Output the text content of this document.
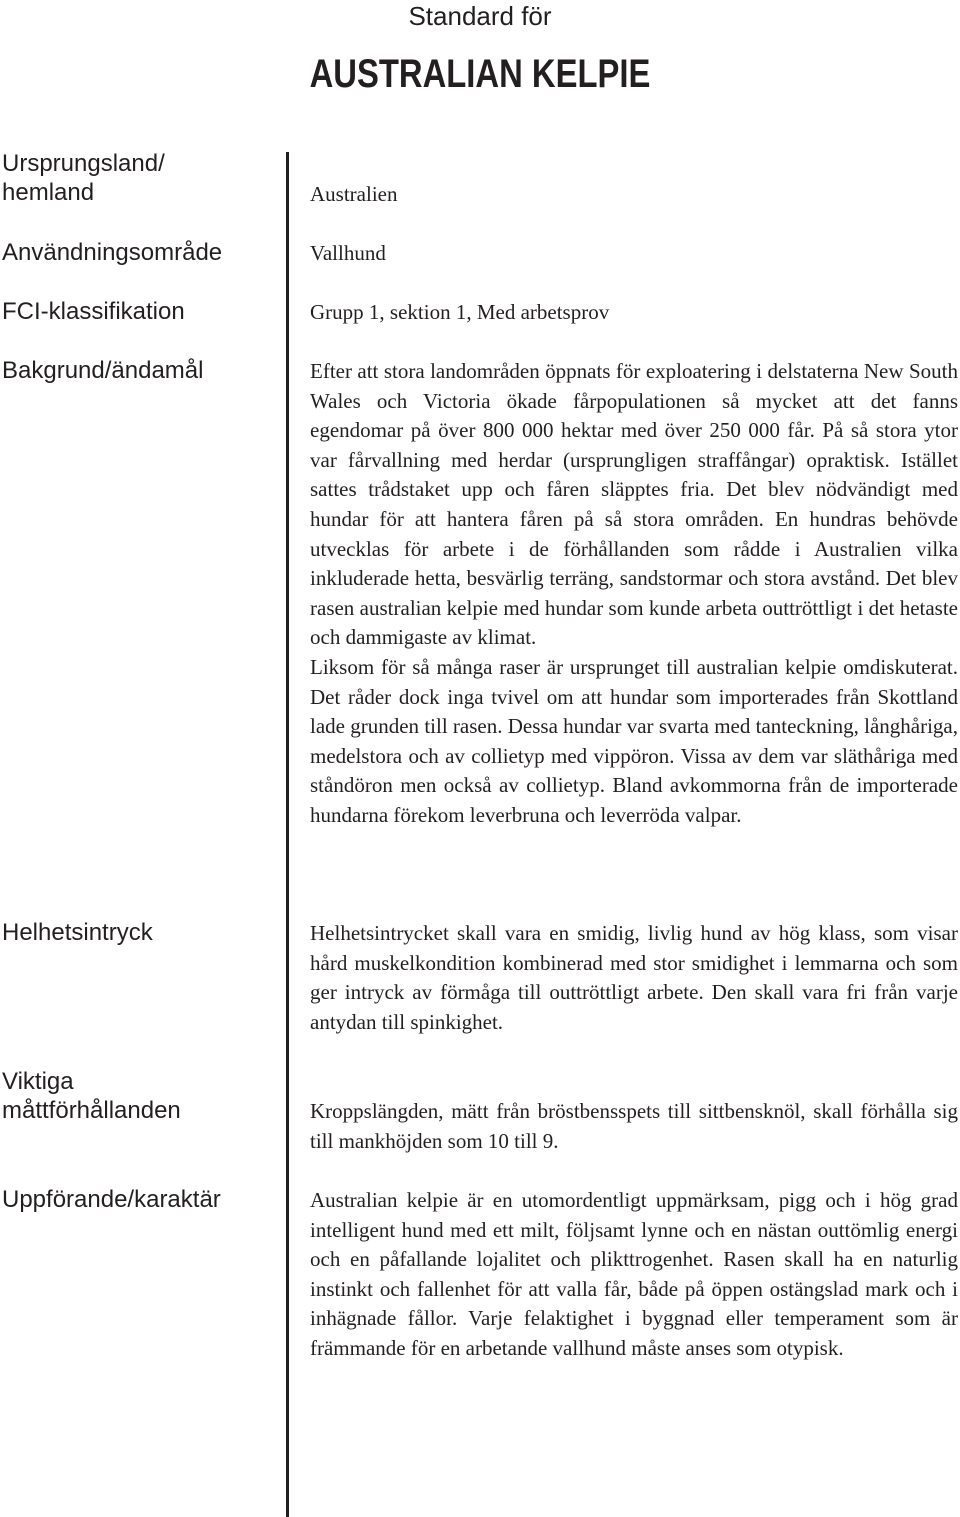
Standard för
AUSTRALIAN KELPIE
Ursprungsland/ hemland
Användningsområde
FCI-klassifikation
Bakgrund/ändamål
Helhetsintryck
Viktiga måttförhållanden
Uppförande/karaktär
Australien
Vallhund
Grupp 1, sektion 1, Med arbetsprov
Efter att stora landområden öppnats för exploatering i delstaterna New South Wales och Victoria ökade fårpopulationen så mycket att det fanns egendomar på över 800 000 hektar med över 250 000 får. På så stora ytor var fårvallning med herdar (ursprungligen straffångar) opraktisk. Istället sattes trådstaket upp och fåren släpptes fria. Det blev nödvändigt med hundar för att hantera fåren på så stora områden. En hundras behövde utvecklas för arbete i de förhållanden som rådde i Australien vilka inkluderade hetta, besvärlig terräng, sandstormar och stora avstånd. Det blev rasen australian kelpie med hundar som kunde arbeta outtröttligt i det hetaste och dammigaste av klimat.
Liksom för så många raser är ursprunget till australian kelpie omdiskuterat. Det råder dock inga tvivel om att hundar som importerades från Skottland lade grunden till rasen. Dessa hundar var svarta med tanteckning, långhåriga, medelstora och av collietyp med vippöron. Vissa av dem var släthåriga med ståndöron men också av collietyp. Bland avkommorna från de importerade hundarna förekom leverbruna och leverröda valpar.
Helhetsintrycket skall vara en smidig, livlig hund av hög klass, som visar hård muskelkondition kombinerad med stor smidighet i lemmarna och som ger intryck av förmåga till outtröttligt arbete. Den skall vara fri från varje antydan till spinkighet.
Kroppslängden, mätt från bröstbensspets till sittbensknöl, skall förhålla sig till mankhöjden som 10 till 9.
Australian kelpie är en utomordentligt uppmärksam, pigg och i hög grad intelligent hund med ett milt, följsamt lynne och en nästan outtömlig energi och en påfallande lojalitet och plikttrogenhet. Rasen skall ha en naturlig instinkt och fallenhet för att valla får, både på öppen ostängslad mark och i inhägnade fållor. Varje felaktighet i byggnad eller temperament som är främmande för en arbetande vallhund måste anses som otypisk.
